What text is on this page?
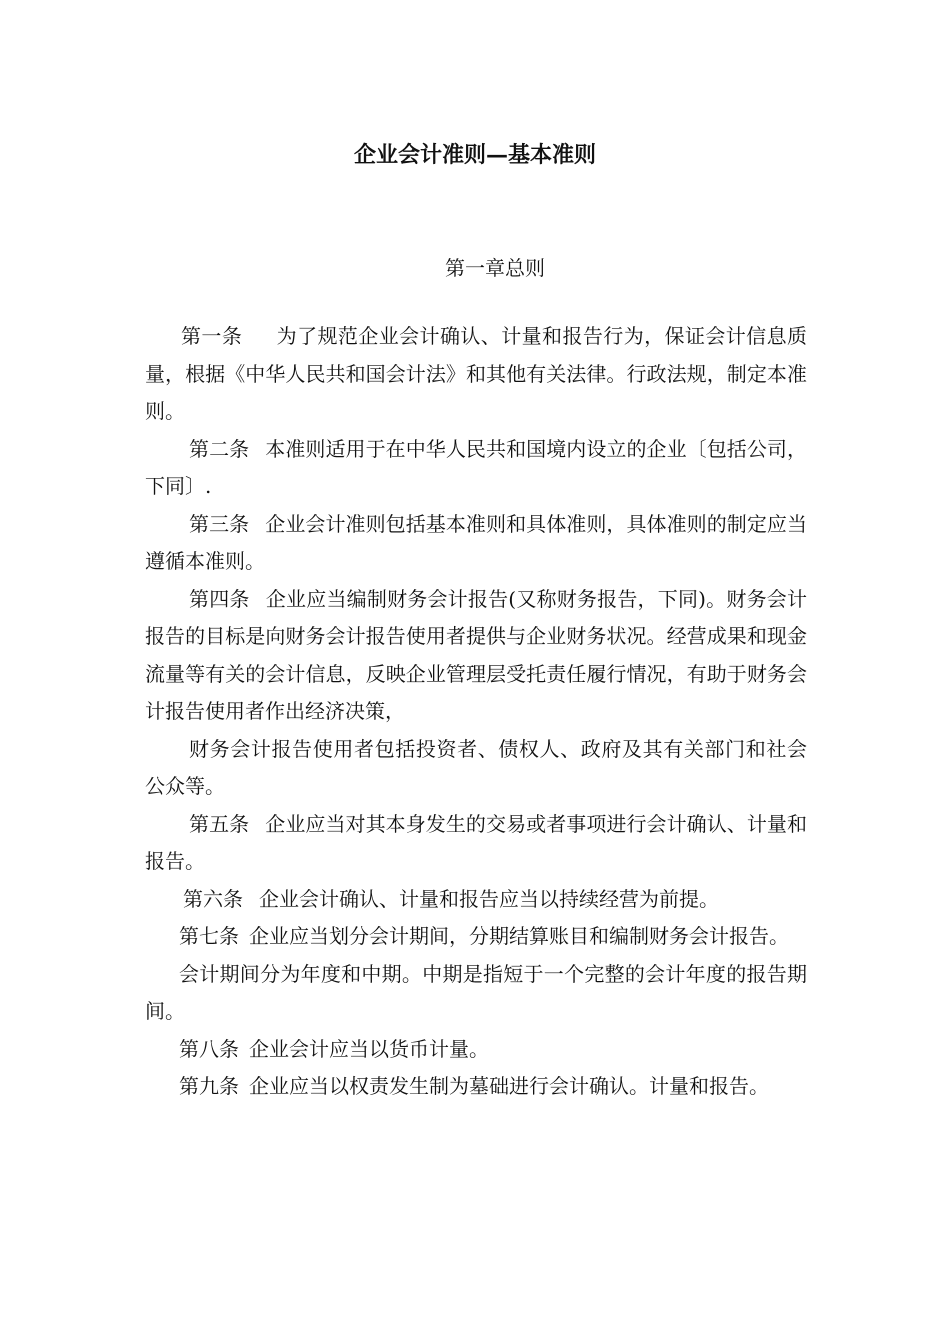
企业会计准则—基本准则
第一章总则

第一条 为了规范企业会计确认、计量和报告行为，保证会计信息质量，根据《中华人民共和国会计法》和其他有关法律。行政法规，制定本准则。

第二条 本准则适用于在中华人民共和国境内设立的企业〔包括公司，下同〕.

第三条 企业会计准则包括基本准则和具体准则，具体准则的制定应当遵循本准则。

第四条 企业应当编制财务会计报告(又称财务报告，下同)。财务会计报告的目标是向财务会计报告使用者提供与企业财务状况。经营成果和现金流量等有关的会计信息，反映企业管理层受托责任履行情况，有助于财务会计报告使用者作出经济决策，

财务会计报告使用者包括投资者、债权人、政府及其有关部门和社会公众等。

第五条 企业应当对其本身发生的交易或者事项进行会计确认、计量和报告。

第六条 企业会计确认、计量和报告应当以持续经营为前提。

第七条 企业应当划分会计期间，分期结算账目和编制财务会计报告。

会计期间分为年度和中期。中期是指短于一个完整的会计年度的报告期间。

第八条 企业会计应当以货币计量。

第九条 企业应当以权责发生制为墓础进行会计确认。计量和报告。
